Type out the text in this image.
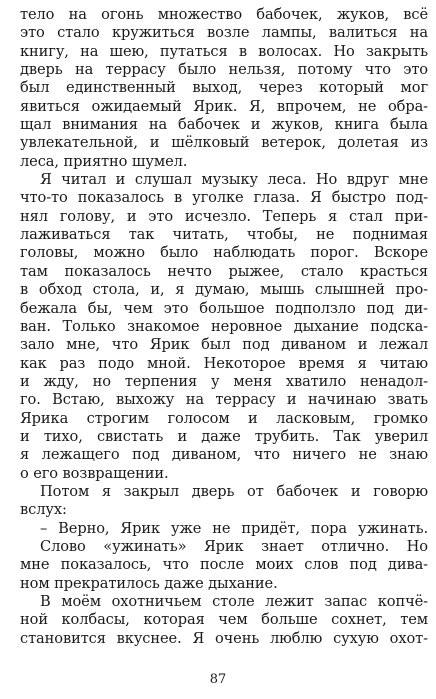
тело на огонь множество бабочек, жуков, всё
это стало кружиться возле лампы, валиться на
книгу, на шею, путаться в волосах. Но закрыть
дверь на террасу было нельзя, потому что это
был единственный выход, через который мог
явиться ожидаемый Ярик. Я, впрочем, не обра-
щал внимания на бабочек и жуков, книга была
увлекательной, и шёлковый ветерок, долетая из
леса, приятно шумел.
Я читал и слушал музыку леса. Но вдруг мне
что-то показалось в уголке глаза. Я быстро под-
нял голову, и это исчезло. Теперь я стал при-
лаживаться так читать, чтобы, не поднимая
головы, можно было наблюдать порог. Вскоре
там показалось нечто рыжее, стало красться
в обход стола, и, я думаю, мышь слышней про-
бежала бы, чем это большое подползло под ди-
ван. Только знакомое неровное дыхание подска-
зало мне, что Ярик был под диваном и лежал
как раз подо мной. Некоторое время я читаю
и жду, но терпения у меня хватило ненадол-
го. Встаю, выхожу на террасу и начинаю звать
Ярика строгим голосом и ласковым, громко
и тихо, свистать и даже трубить. Так уверил
я лежащего под диваном, что ничего не знаю
о его возвращении.
Потом я закрыл дверь от бабочек и говорю
вслух:
– Верно, Ярик уже не придёт, пора ужинать.
Слово «ужинать» Ярик знает отлично. Но
мне показалось, что после моих слов под дива-
ном прекратилось даже дыхание.
В моём охотничьем столе лежит запас копчё-
ной колбасы, которая чем больше сохнет, тем
становится вкуснее. Я очень люблю сухую охот-
87
